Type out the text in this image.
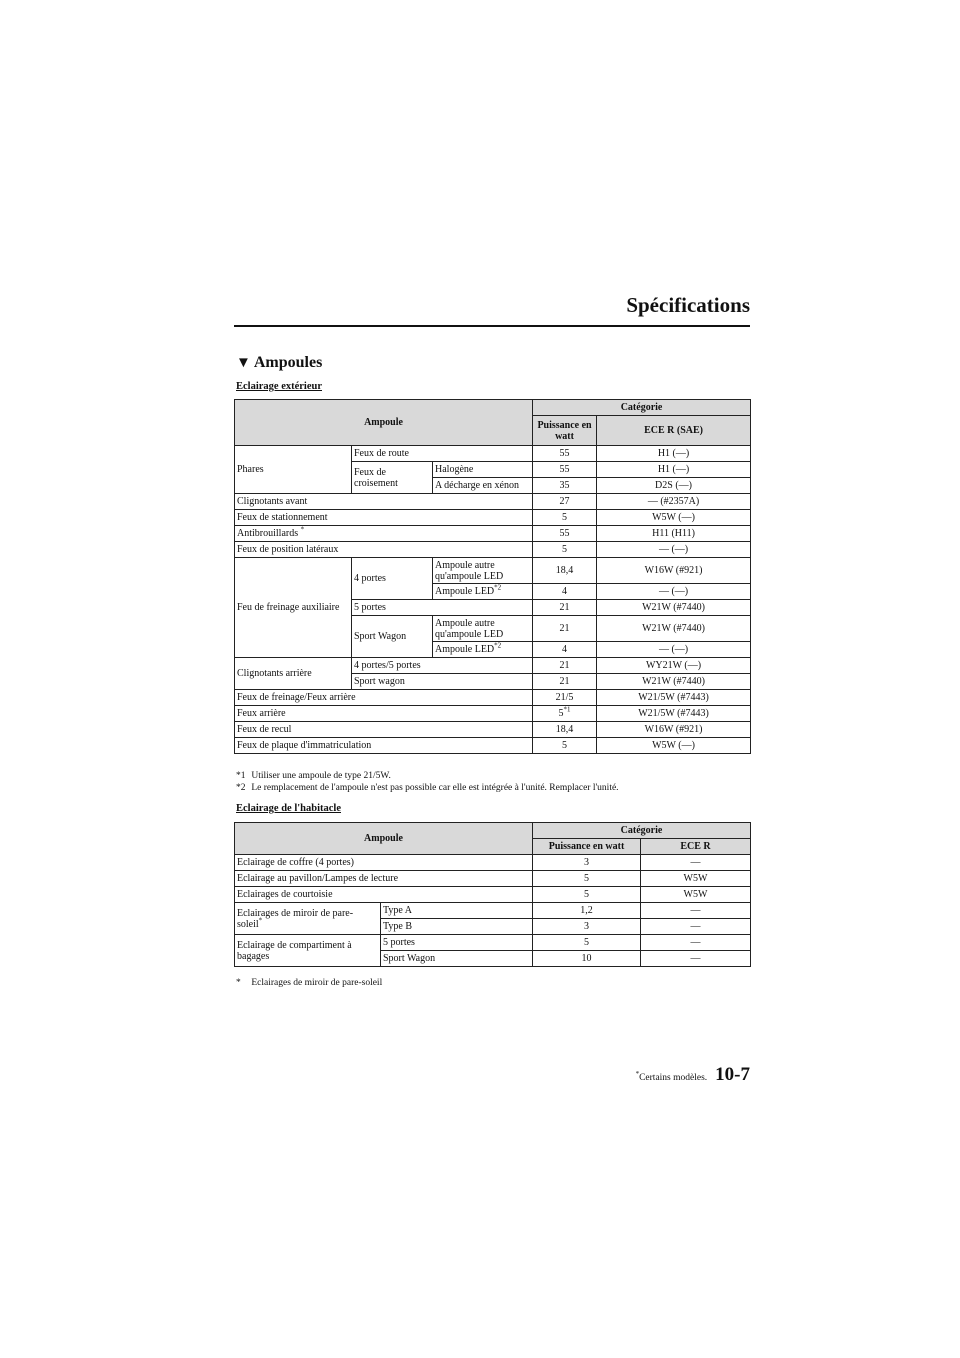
Spécifications
▼ Ampoules
Eclairage extérieur
Ampoule			Catégorie	
			Puissance en watt	ECE R (SAE)
Phares	Feux de route		55	H1 (—)
	Feux de croisement	Halogène	55	H1 (—)
		A décharge en xénon	35	D2S (—)
Clignotants avant			27	— (#2357A)
Feux de stationnement			5	W5W (—)
Antibrouillards *			55	H11 (H11)
Feux de position latéraux			5	— (—)
Feu de freinage auxiliaire	4 portes	Ampoule autre qu'ampoule LED	18,4	W16W (#921)
		Ampoule LED$^{*2}$	4	— (—)
	5 portes		21	W21W (#7440)
	Sport Wagon	Ampoule autre qu'ampoule LED	21	W21W (#7440)
		Ampoule LED$^{*2}$	4	— (—)
Clignotants arrière	4 portes/5 portes		21	WY21W (—)
	Sport wagon		21	W21W (#7440)
Feux de freinage/Feux arrière			21/5	W21/5W (#7443)
Feux arrière			5$^{*1}$	W21/5W (#7443)
Feux de recul			18,4	W16W (#921)
Feux de plaque d'immatriculation			5	W5W (—)
*1 Utiliser une ampoule de type 21/5W.
*2 Le remplacement de l'ampoule n'est pas possible car elle est intégrée à l'unité. Remplacer l'unité.
Eclairage de l'habitacle
Ampoule		Catégorie	
		Puissance en watt	ECE R
Eclairage de coffre (4 portes)		3	—
Eclairage au pavillon/Lampes de lecture		5	W5W
Eclairages de courtoisie		5	W5W
Eclairages de miroir de pare-soleil*	Type A	1,2	—
	Type B	3	—
Eclairage de compartiment à bagages	5 portes	5	—
	Sport Wagon	10	—
* Eclairages de miroir de pare-soleil
*Certains modèles. 10-7
